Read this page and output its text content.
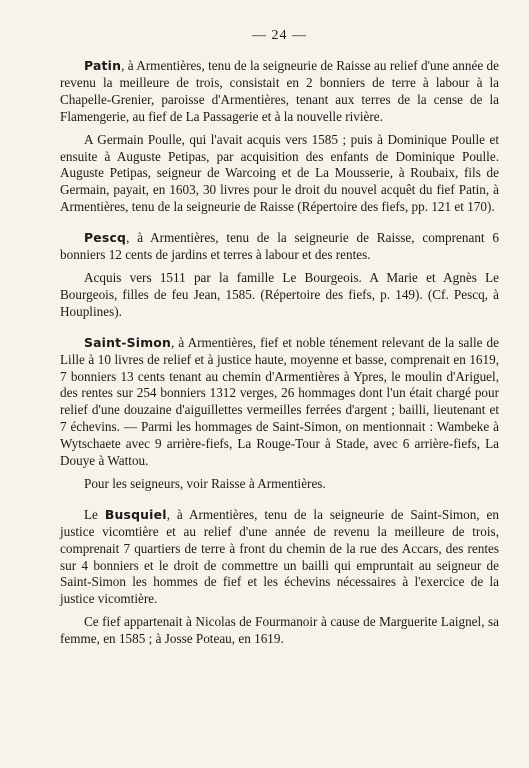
— 24 —

Patin, à Armentières, tenu de la seigneurie de Raisse au relief d'une année de revenu la meilleure de trois, consistait en 2 bonniers de terre à labour à la Chapelle-Grenier, paroisse d'Armentières, tenant aux terres de la cense de la Flamengerie, au fief de La Passagerie et à la nouvelle rivière.

A Germain Poulle, qui l'avait acquis vers 1585 ; puis à Dominique Poulle et ensuite à Auguste Petipas, par acquisition des enfants de Dominique Poulle. Auguste Petipas, seigneur de Warcoing et de La Mousserie, à Roubaix, fils de Germain, payait, en 1603, 30 livres pour le droit du nouvel acquêt du fief Patin, à Armentières, tenu de la seigneurie de Raisse (Répertoire des fiefs, pp. 121 et 170).

Pescq, à Armentières, tenu de la seigneurie de Raisse, comprenant 6 bonniers 12 cents de jardins et terres à labour et des rentes.

Acquis vers 1511 par la famille Le Bourgeois. A Marie et Agnès Le Bourgeois, filles de feu Jean, 1585. (Répertoire des fiefs, p. 149). (Cf. Pescq, à Houplines).

Saint-Simon, à Armentières, fief et noble ténement relevant de la salle de Lille à 10 livres de relief et à justice haute, moyenne et basse, comprenait en 1619, 7 bonniers 13 cents tenant au chemin d'Armentières à Ypres, le moulin d'Ariguel, des rentes sur 254 bonniers 1312 verges, 26 hommages dont l'un était chargé pour relief d'une douzaine d'aiguillettes vermeilles ferrées d'argent ; bailli, lieutenant et 7 échevins. — Parmi les hommages de Saint-Simon, on mentionnait : Wambeke à Wytschaete avec 9 arrière-fiefs, La Rouge-Tour à Stade, avec 6 arrière-fiefs, La Douye à Wattou.

Pour les seigneurs, voir Raisse à Armentières.

Le Busquiel, à Armentières, tenu de la seigneurie de Saint-Simon, en justice vicomtière et au relief d'une année de revenu la meilleure de trois, comprenait 7 quartiers de terre à front du chemin de la rue des Accars, des rentes sur 4 bonniers et le droit de commettre un bailli qui empruntait au seigneur de Saint-Simon les hommes de fief et les échevins nécessaires à l'exercice de la justice vicomtière.

Ce fief appartenait à Nicolas de Fourmanoir à cause de Marguerite Laignel, sa femme, en 1585 ; à Josse Poteau, en 1619.
